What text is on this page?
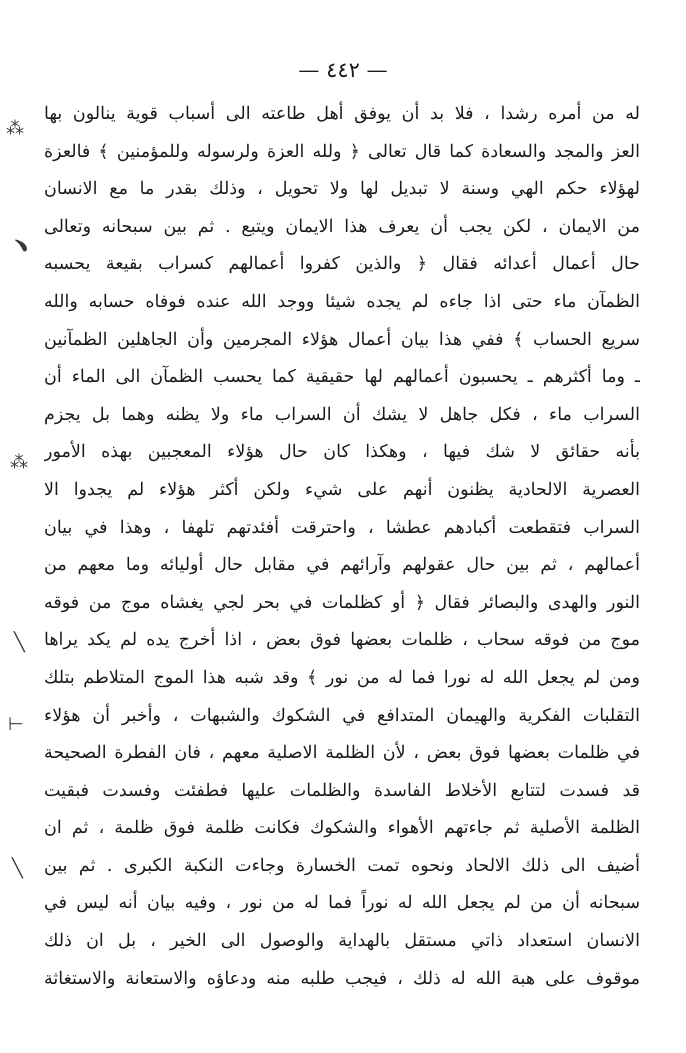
— ٤٤٢ —
⁂
﹅
⁂
╲
⊢
╲
له من أمره رشدا ، فلا بد أن يوفق أهل طاعته الى أسباب قوية ينالون بها
العز والمجد والسعادة كما قال تعالى ﴿ ولله العزة ولرسوله وللمؤمنين ﴾ فالعزة
لهؤلاء حكم الهي وسنة لا تبديل لها ولا تحويل ، وذلك بقدر ما مع الانسان
من الايمان ، لكن يجب أن يعرف هذا الايمان ويتبع . ثم بين سبحانه وتعالى
حال أعمال أعدائه فقال ﴿ والذين كفروا أعمالهم كسراب بقيعة يحسبه
الظمآن ماء حتى اذا جاءه لم يجده شيئا ووجد الله عنده فوفاه حسابه والله
سريع الحساب ﴾ ففي هذا بيان أعمال هؤلاء المجرمين وأن الجاهلين الظمآنين
ـ وما أكثرهم ـ يحسبون أعمالهم لها حقيقية كما يحسب الظمآن الى الماء أن
السراب ماء ، فكل جاهل لا يشك أن السراب ماء ولا يظنه وهما بل يجزم
بأنه حقائق لا شك فيها ، وهكذا كان حال هؤلاء المعجبين بهذه الأمور
العصرية الالحادية يظنون أنهم على شيء ولكن أكثر هؤلاء لم يجدوا الا
السراب فتقطعت أكبادهم عطشا ، واحترقت أفئدتهم تلهفا ، وهذا في بيان
أعمالهم ، ثم بين حال عقولهم وآرائهم في مقابل حال أوليائه وما معهم من
النور والهدى والبصائر فقال ﴿ أو كظلمات في بحر لجي يغشاه موج من فوقه
موج من فوقه سحاب ، ظلمات بعضها فوق بعض ، اذا أخرج يده لم يكد يراها
ومن لم يجعل الله له نورا فما له من نور ﴾ وقد شبه هذا الموج المتلاطم بتلك
التقلبات الفكرية والهيمان المتدافع في الشكوك والشبهات ، وأخبر أن هؤلاء
في ظلمات بعضها فوق بعض ، لأن الظلمة الاصلية معهم ، فان الفطرة الصحيحة
قد فسدت لتتابع الأخلاط الفاسدة والظلمات عليها فطفئت وفسدت فبقيت
الظلمة الأصلية ثم جاءتهم الأهواء والشكوك فكانت ظلمة فوق ظلمة ، ثم ان
أضيف الى ذلك الالحاد ونحوه تمت الخسارة وجاءت النكبة الكبرى . ثم بين
سبحانه أن من لم يجعل الله له نوراً فما له من نور ، وفيه بيان أنه ليس في
الانسان استعداد ذاتي مستقل بالهداية والوصول الى الخير ، بل ان ذلك
موقوف على هبة الله له ذلك ، فيجب طلبه منه ودعاؤه والاستعانة والاستغاثة
